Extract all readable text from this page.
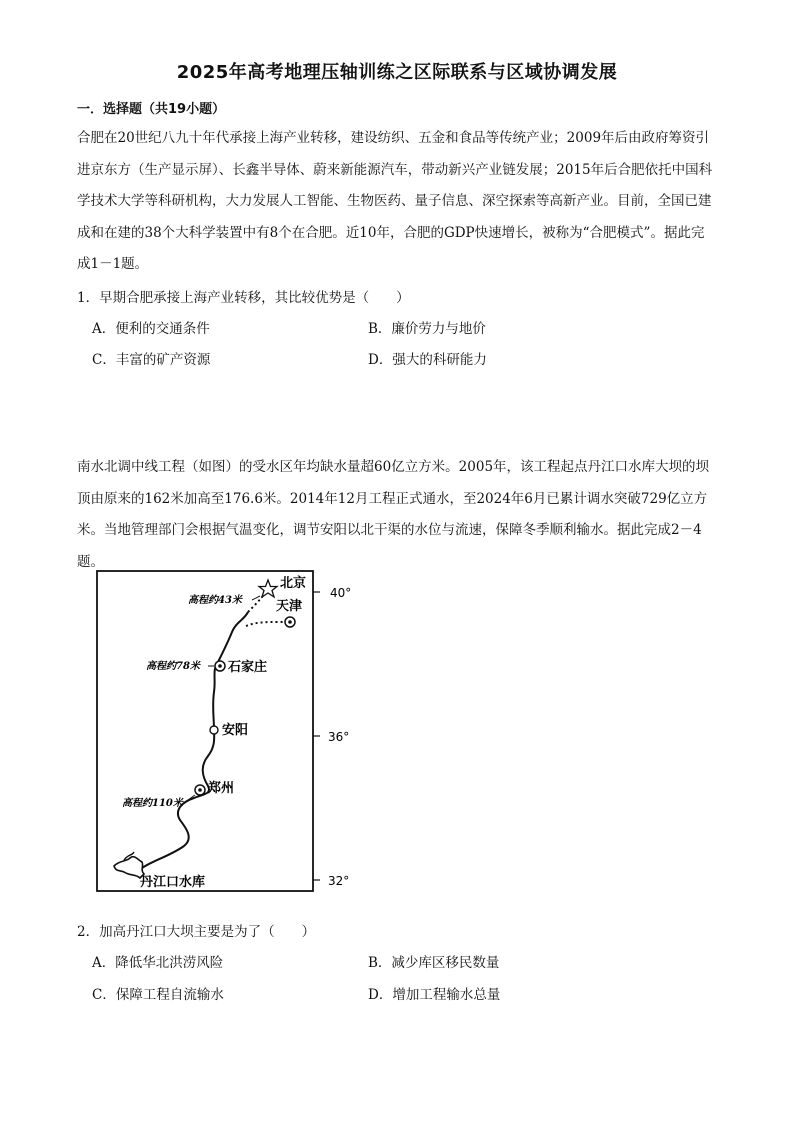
2025年高考地理压轴训练之区际联系与区域协调发展
一．选择题（共19小题）

合肥在20世纪八九十年代承接上海产业转移，建设纺织、五金和食品等传统产业；2009年后由政府筹资引进京东方（生产显示屏）、长鑫半导体、蔚来新能源汽车，带动新兴产业链发展；2015年后合肥依托中国科学技术大学等科研机构，大力发展人工智能、生物医药、量子信息、深空探索等高新产业。目前，全国已建成和在建的38个大科学装置中有8个在合肥。近10年，合肥的GDP快速增长，被称为“合肥模式”。据此完成1－1题。

1．早期合肥承接上海产业转移，其比较优势是（　　）
A．便利的交通条件	B．廉价劳力与地价
C．丰富的矿产资源	D．强大的科研能力

南水北调中线工程（如图）的受水区年均缺水量超60亿立方米。2005年，该工程起点丹江口水库大坝的坝顶由原来的162米加高至176.6米。2014年12月工程正式通水，至2024年6月已累计调水突破729亿立方米。当地管理部门会根据气温变化，调节安阳以北干渠的水位与流速，保障冬季顺利输水。据此完成2－4题。

40°
36°
32°
北京
天津
石家庄
安阳
郑州
丹江口水库
高程约43米
高程约78米
高程约110米
2．加高丹江口大坝主要是为了（　　）
A．降低华北洪涝风险	B．减少库区移民数量
C．保障工程自流输水	D．增加工程输水总量
